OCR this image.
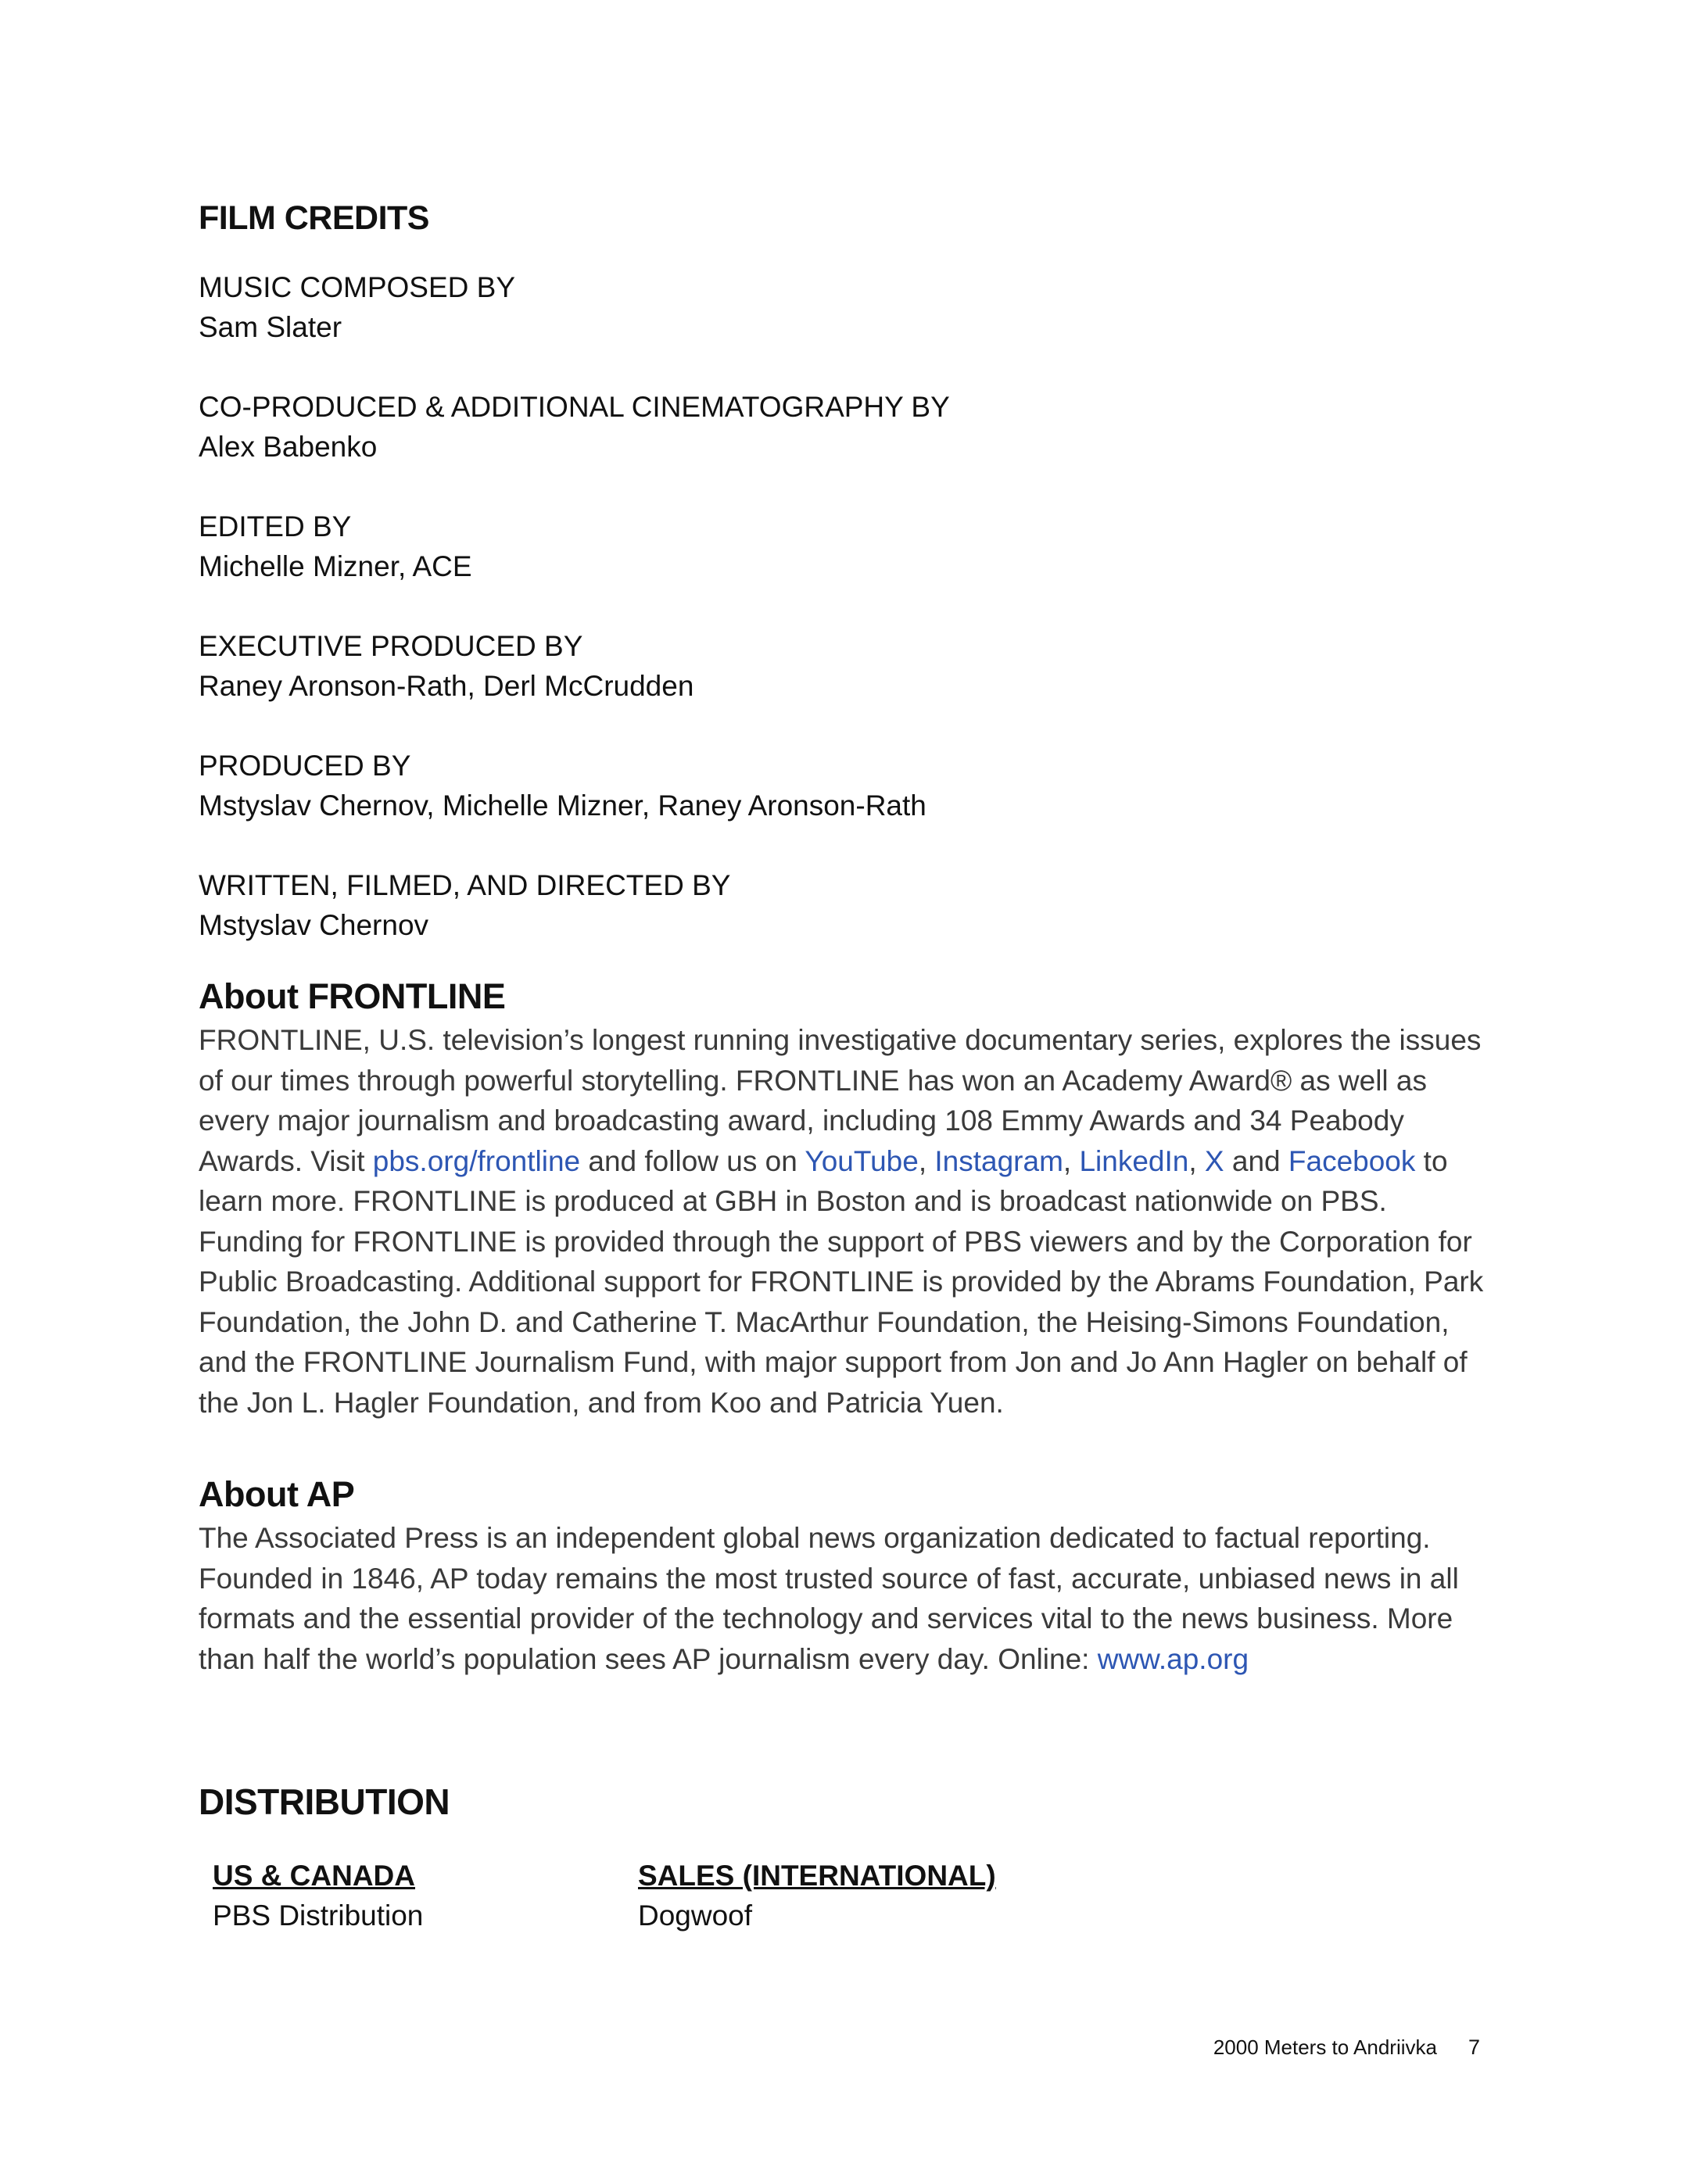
FILM CREDITS
MUSIC COMPOSED BY
Sam Slater
CO-PRODUCED & ADDITIONAL CINEMATOGRAPHY BY
Alex Babenko
EDITED BY
Michelle Mizner, ACE
EXECUTIVE PRODUCED BY
Raney Aronson-Rath, Derl McCrudden
PRODUCED BY
Mstyslav Chernov, Michelle Mizner, Raney Aronson-Rath
WRITTEN, FILMED, AND DIRECTED BY
Mstyslav Chernov
About FRONTLINE

FRONTLINE, U.S. television’s longest running investigative documentary series, explores the issues of our times through powerful storytelling. FRONTLINE has won an Academy Award® as well as every major journalism and broadcasting award, including 108 Emmy Awards and 34 Peabody Awards. Visit pbs.org/frontline and follow us on YouTube, Instagram, LinkedIn, X and Facebook to learn more. FRONTLINE is produced at GBH in Boston and is broadcast nationwide on PBS. Funding for FRONTLINE is provided through the support of PBS viewers and by the Corporation for Public Broadcasting. Additional support for FRONTLINE is provided by the Abrams Foundation, Park Foundation, the John D. and Catherine T. MacArthur Foundation, the Heising-Simons Foundation, and the FRONTLINE Journalism Fund, with major support from Jon and Jo Ann Hagler on behalf of the Jon L. Hagler Foundation, and from Koo and Patricia Yuen.

About AP

The Associated Press is an independent global news organization dedicated to factual reporting. Founded in 1846, AP today remains the most trusted source of fast, accurate, unbiased news in all formats and the essential provider of the technology and services vital to the news business. More than half the world’s population sees AP journalism every day. Online: www.ap.org

DISTRIBUTION
US & CANADA
PBS Distribution
SALES (INTERNATIONAL)
Dogwoof
2000 Meters to Andriivka 7
